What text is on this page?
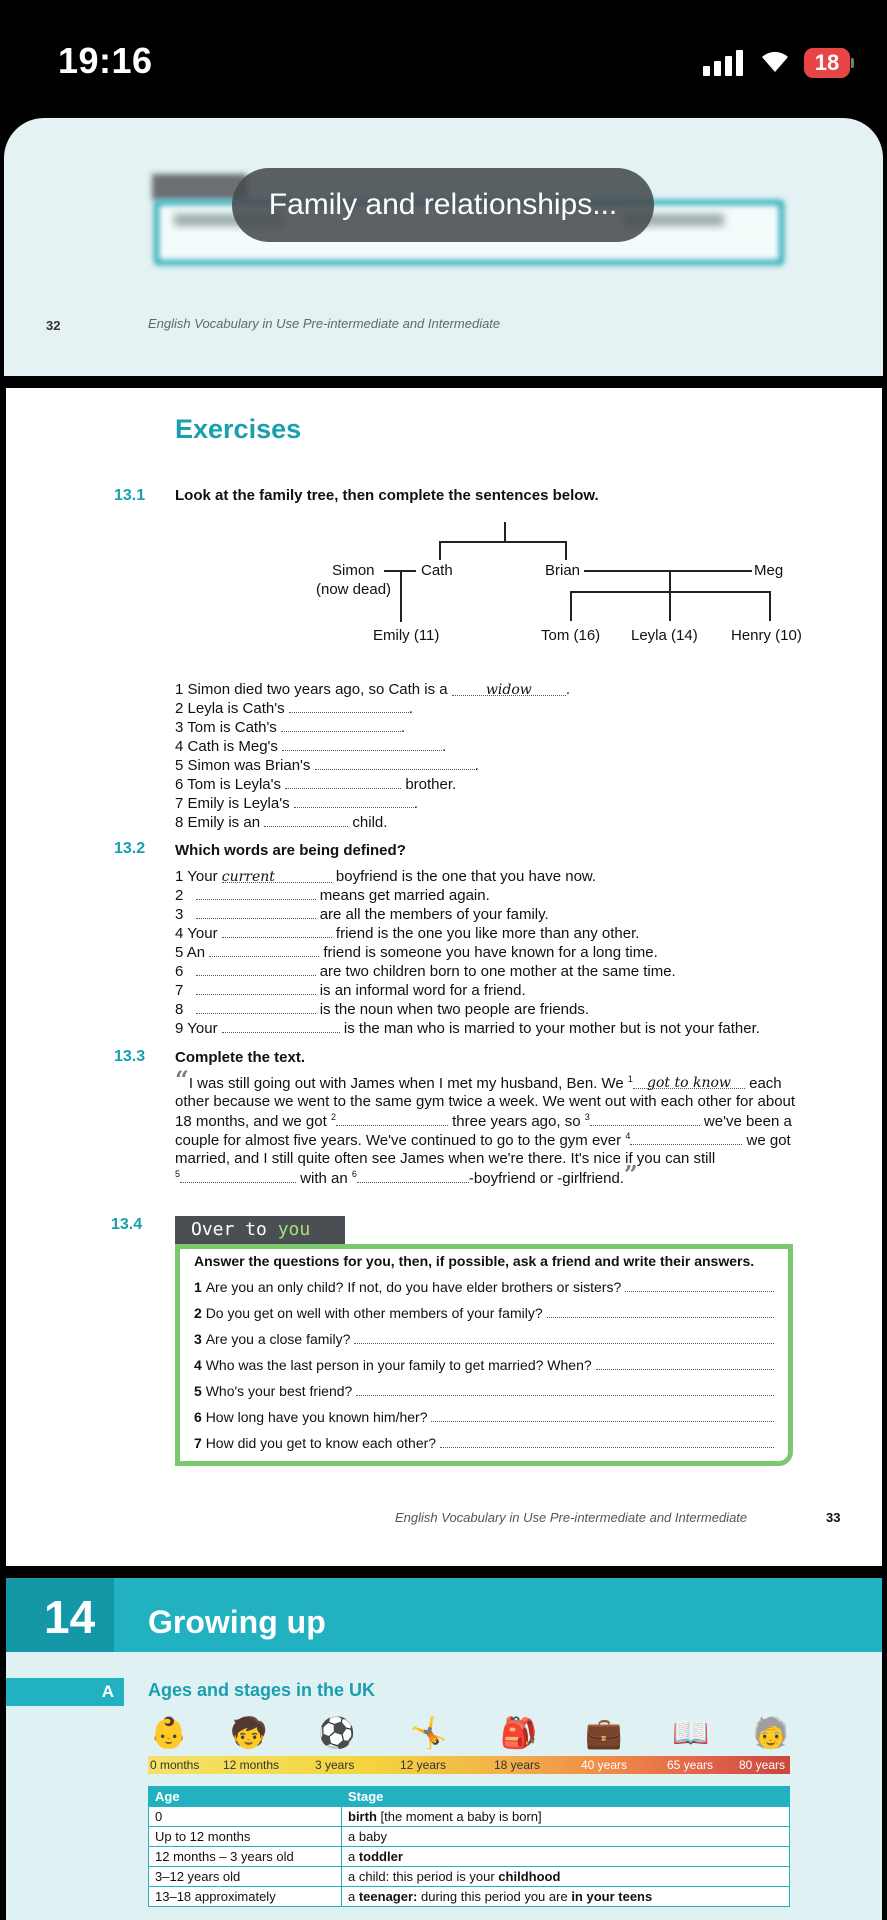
19:16	18
Family and relationships...
32	English Vocabulary in Use Pre-intermediate and Intermediate
Exercises
13.1 Look at the family tree, then complete the sentences below.
Simon
(now dead)
Cath	Brian	Meg
Emily (11)	Tom (16) Leyla (14) Henry (10)
1 Simon died two years ago, so Cath is a	widow .
2 Leyla is Cath's	.
3 Tom is Cath's	.
4 Cath is Meg's	.
5 Simon was Brian's	.
6 Tom is Leyla's	brother.
7 Emily is Leyla's	.
8 Emily is an	child.
13.2 Which words are being defined?
1 Your current	boyfriend is the one that you have now.
2	means get married again.
3	are all the members of your family.
4 Your	friend is the one you like more than any other.
5 An	friend is someone you have known for a long time.
6	are two children born to one mother at the same time.
7	is an informal word for a friend.
8	is the noun when two people are friends.
9 Your	is the man who is married to your mother but is not your father.
13.3 Complete the text.
“I was still going out with James when I met my husband, Ben. We $^1$ got to know each
other because we went to the same gym twice a week. We went out with each other for about
18 months, and we got $^2$	three years ago, so $^3$	we've been a
couple for almost five years. We've continued to go to the gym ever $^4$	we got
married, and I still quite often see James when we're there. It's nice if you can still
$^5$	with an $^6$	-boyfriend or -girlfriend.”
13.4	Over to you
Answer the questions for you, then, if possible, ask a friend and write their answers.
1
Are you an only child? If not, do you have elder brothers or sisters?
2
Do you get on well with other members of your family?
3
Are you a close family?
4
Who was the last person in your family to get married? When?
5
Who's your best friend?
6
How long have you known him/her?
7
How did you get to know each other?
English Vocabulary in Use Pre-intermediate and Intermediate	33
14 Growing up
A	Ages and stages in the UK
👶 🧒 ⚽ 🤸 🎒 💼 📖 🧓
0 months 12 months	3 years	12 years	18 years	40 years	65 years 80 years
Age	Stage
0	birth [the moment a baby is born]
Up to 12 months	a baby
12 months – 3 years old	a toddler
3–12 years old	a child: this period is your childhood
13–18 approximately	a teenager: during this period you are in your teens
